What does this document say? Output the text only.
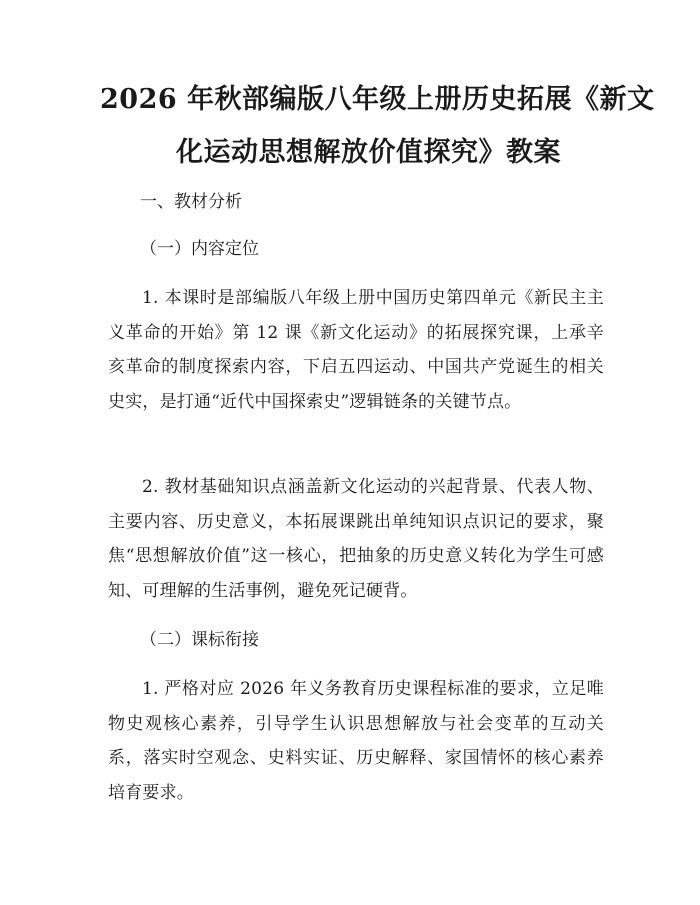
2026 年秋部编版八年级上册历史拓展《新文
化运动思想解放价值探究》教案
一、教材分析
（一）内容定位
1. 本课时是部编版八年级上册中国历史第四单元《新民主主义革命的开始》第 12 课《新文化运动》的拓展探究课，上承辛亥革命的制度探索内容，下启五四运动、中国共产党诞生的相关史实，是打通“近代中国探索史”逻辑链条的关键节点。
2. 教材基础知识点涵盖新文化运动的兴起背景、代表人物、主要内容、历史意义，本拓展课跳出单纯知识点识记的要求，聚焦“思想解放价值”这一核心，把抽象的历史意义转化为学生可感知、可理解的生活事例，避免死记硬背。
（二）课标衔接
1. 严格对应 2026 年义务教育历史课程标准的要求，立足唯物史观核心素养，引导学生认识思想解放与社会变革的互动关系，落实时空观念、史料实证、历史解释、家国情怀的核心素养培育要求。
